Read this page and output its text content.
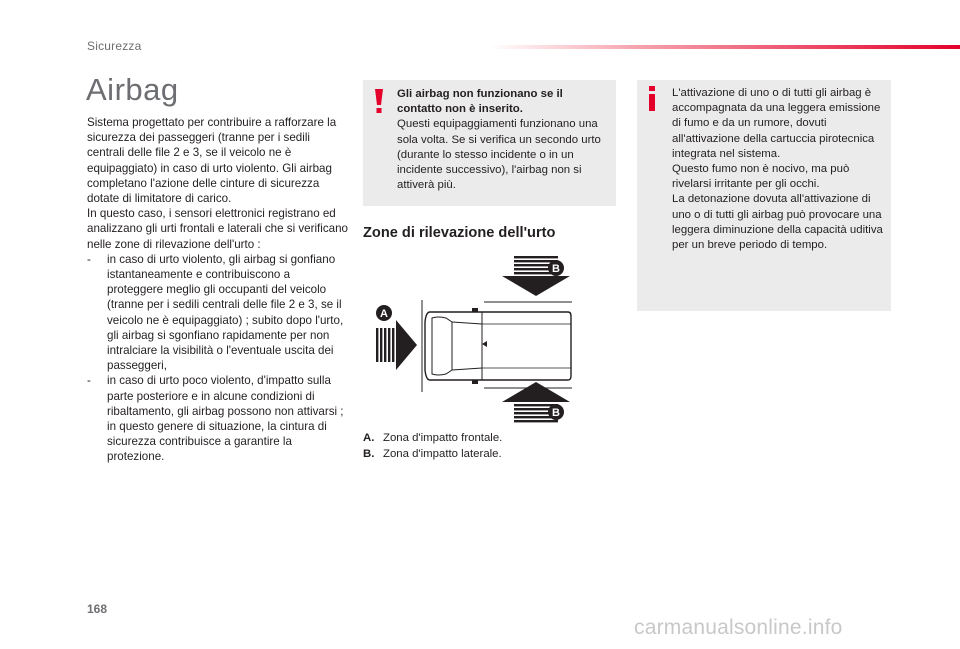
Sicurezza
Airbag

Sistema progettato per contribuire a rafforzare la sicurezza dei passeggeri (tranne per i sedili centrali delle file 2 e 3, se il veicolo ne è equipaggiato) in caso di urto violento. Gli airbag completano l'azione delle cinture di sicurezza dotate di limitatore di carico.

In questo caso, i sensori elettronici registrano ed analizzano gli urti frontali e laterali che si verificano nelle zone di rilevazione dell'urto :

- in caso di urto violento, gli airbag si gonfiano istantaneamente e contribuiscono a proteggere meglio gli occupanti del veicolo (tranne per i sedili centrali delle file 2 e 3, se il veicolo ne è equipaggiato) ; subito dopo l'urto, gli airbag si sgonfiano rapidamente per non intralciare la visibilità o l'eventuale uscita dei passeggeri,
- in caso di urto poco violento, d'impatto sulla parte posteriore e in alcune condizioni di ribaltamento, gli airbag possono non attivarsi ; in questo genere di situazione, la cintura di sicurezza contribuisce a garantire la protezione.
Gli airbag non funzionano se il contatto non è inserito.
Questi equipaggiamenti funzionano una sola volta. Se si verifica un secondo urto (durante lo stesso incidente o in un incidente successivo), l'airbag non si attiverà più.
L'attivazione di uno o di tutti gli airbag è accompagnata da una leggera emissione di fumo e da un rumore, dovuti all'attivazione della cartuccia pirotecnica integrata nel sistema.
Questo fumo non è nocivo, ma può rivelarsi irritante per gli occhi.
La detonazione dovuta all'attivazione di uno o di tutti gli airbag può provocare una leggera diminuzione della capacità uditiva per un breve periodo di tempo.
Zone di rilevazione dell'urto
B
A
B
A. Zona d'impatto frontale.
B. Zona d'impatto laterale.
168
carmanualsonline.info
